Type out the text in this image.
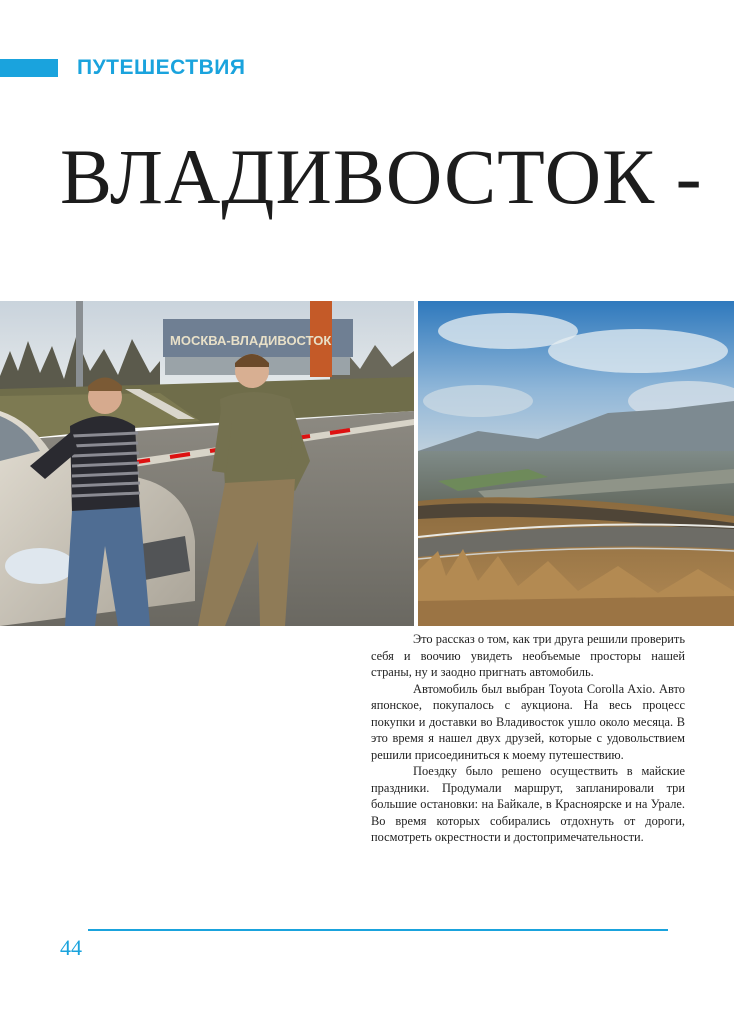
ПУТЕШЕСТВИЯ
ВЛАДИВОСТОК -
МОСКВА-ВЛАДИВОСТОК

Это рассказ о том, как три друга решили проверить себя и воочию увидеть необъемые просторы нашей страны, ну и заодно пригнать автомобиль.

Автомобиль был выбран Toyota Corolla Axio. Авто японское, покупалось с аукциона. На весь процесс покупки и доставки во Владивосток ушло около месяца. В это время я нашел двух друзей, которые с удовольствием решили присоединиться к моему путешествию.

Поездку было решено осуществить в майские праздники. Продумали маршрут, запланировали три большие остановки: на Байкале, в Красноярске и на Урале. Во время которых собирались отдохнуть от дороги, посмотреть окрестности и достопримечательности.

44
